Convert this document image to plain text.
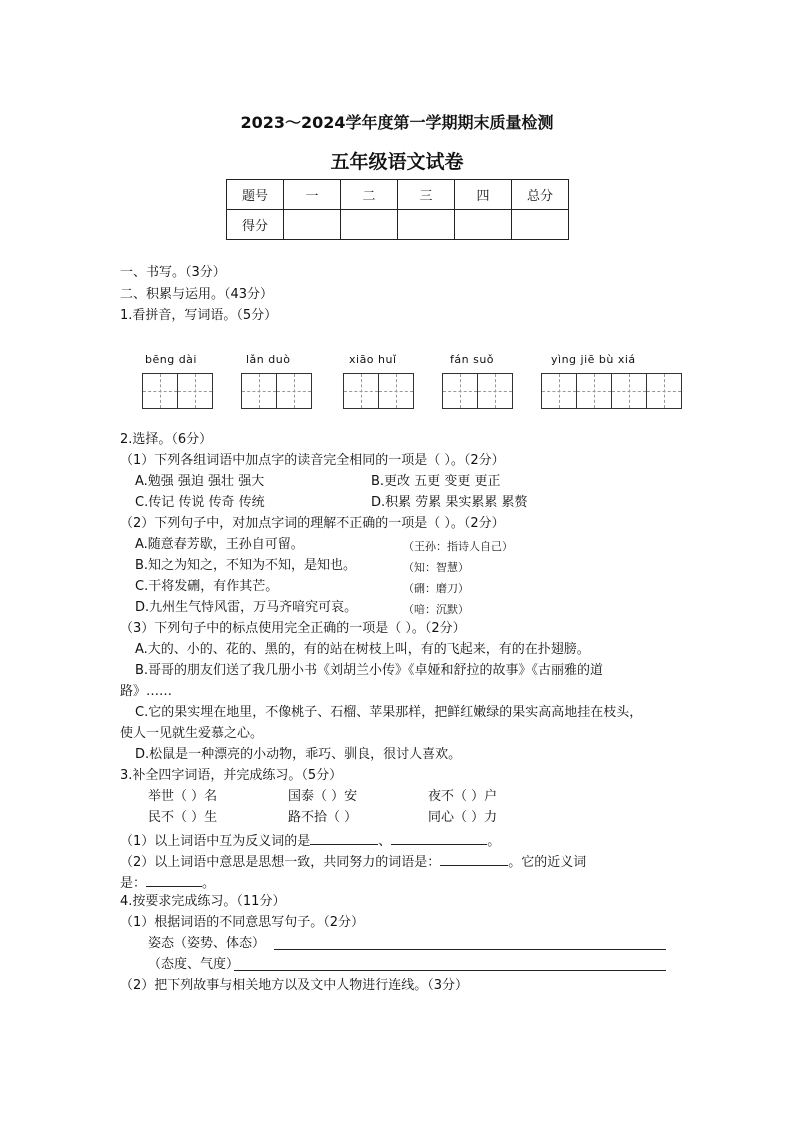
2023～2024学年度第一学期期末质量检测
五年级语文试卷
题号	一	二	三	四	总分
得分					
一、书写。（3分）
二、积累与运用。（43分）
1.看拼音，写词语。（5分）
bēng dài	lǎn duò	xiāo huǐ	fán suǒ	yìng jiē bù xiá
2.选择。（6分）
（1）下列各组词语中加点字的读音完全相同的一项是（ ）。（2分）
A.勉强 强迫 强壮 强大	B.更改 五更 变更 更正
C.传记 传说 传奇 传统	D.积累 劳累 果实累累 累赘
（2）下列句子中，对加点字词的理解不正确的一项是（ ）。（2分）
A.随意春芳歇，王孙自可留。	（王孙：指诗人自己）
B.知之为知之，不知为不知，是知也。	（知：智慧）
C.干将发硎，有作其芒。	（硎：磨刀）
D.九州生气恃风雷，万马齐喑究可哀。	（喑：沉默）
（3）下列句子中的标点使用完全正确的一项是（ ）。（2分）
A.大的、小的、花的、黑的，有的站在树枝上叫，有的飞起来，有的在扑翅膀。
B.哥哥的朋友们送了我几册小书《刘胡兰小传》《卓娅和舒拉的故事》《古丽雅的道
路》……
C.它的果实埋在地里，不像桃子、石榴、苹果那样，把鲜红嫩绿的果实高高地挂在枝头，
使人一见就生爱慕之心。
D.松鼠是一种漂亮的小动物，乖巧、驯良，很讨人喜欢。
3.补全四字词语，并完成练习。（5分）
举世（ ）名	国泰（ ）安	夜不（ ）户
民不（ ）生	路不拾（ ）	同心（ ）力
（1）以上词语中互为反义词的是	、	。
（2）以上词语中意思是思想一致，共同努力的词语是：	。它的近义词
是：	。
4.按要求完成练习。（11分）
（1）根据词语的不同意思写句子。（2分）
姿态（姿势、体态）
（态度、气度）
（2）把下列故事与相关地方以及文中人物进行连线。（3分）
